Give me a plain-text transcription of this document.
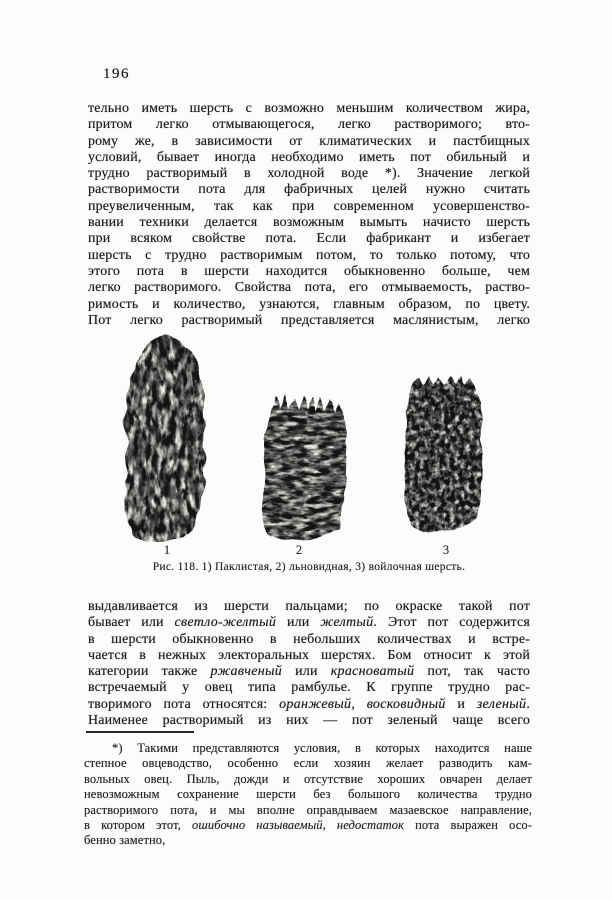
196
тельно иметь шерсть с возможно меньшим количеством жира,
притом легко отмывающегося, легко растворимого; вто-
рому же, в зависимости от климатических и пастбищных
условий, бывает иногда необходимо иметь пот обильный и
трудно растворимый в холодной воде *). Значение легкой
растворимости пота для фабричных целей нужно считать
преувеличенным, так как при современном усовершенство-
вании техники делается возможным вымыть начисто шерсть
при всяком свойстве пота. Если фабрикант и избегает
шерсть с трудно растворимым потом, то только потому, что
этого пота в шерсти находится обыкновенно больше, чем
легко растворимого. Свойства пота, его отмываемость, раство-
римость и количество, узнаются, главным образом, по цвету.
Пот легко растворимый представляется маслянистым, легко
1	2	3
Рис. 118. 1) Паклистая, 2) льновидная, 3) войлочная шерсть.
выдавливается из шерсти пальцами; по окраске такой пот
бывает или светло-желтый или желтый. Этот пот содержится
в шерсти обыкновенно в небольших количествах и встре-
чается в нежных электоральных шерстях. Бом относит к этой
категории также ржавченый или красноватый пот, так часто
встречаемый у овец типа рамбулье. К группе трудно рас-
творимого пота относятся: оранжевый, восковидный и зеленый.
Наименее растворимый из них — пот зеленый чаще всего
*) Такими представляются условия, в которых находится наше
степное овцеводство, особенно если хозяин желает разводить кам-
вольных овец. Пыль, дожди и отсутствие хороших овчарен делает
невозможным сохранение шерсти без большого количества трудно
растворимого пота, и мы вполне оправдываем мазаевское направление,
в котором этот, ошибочно называемый, недостаток пота выражен осо-
бенно заметно,
